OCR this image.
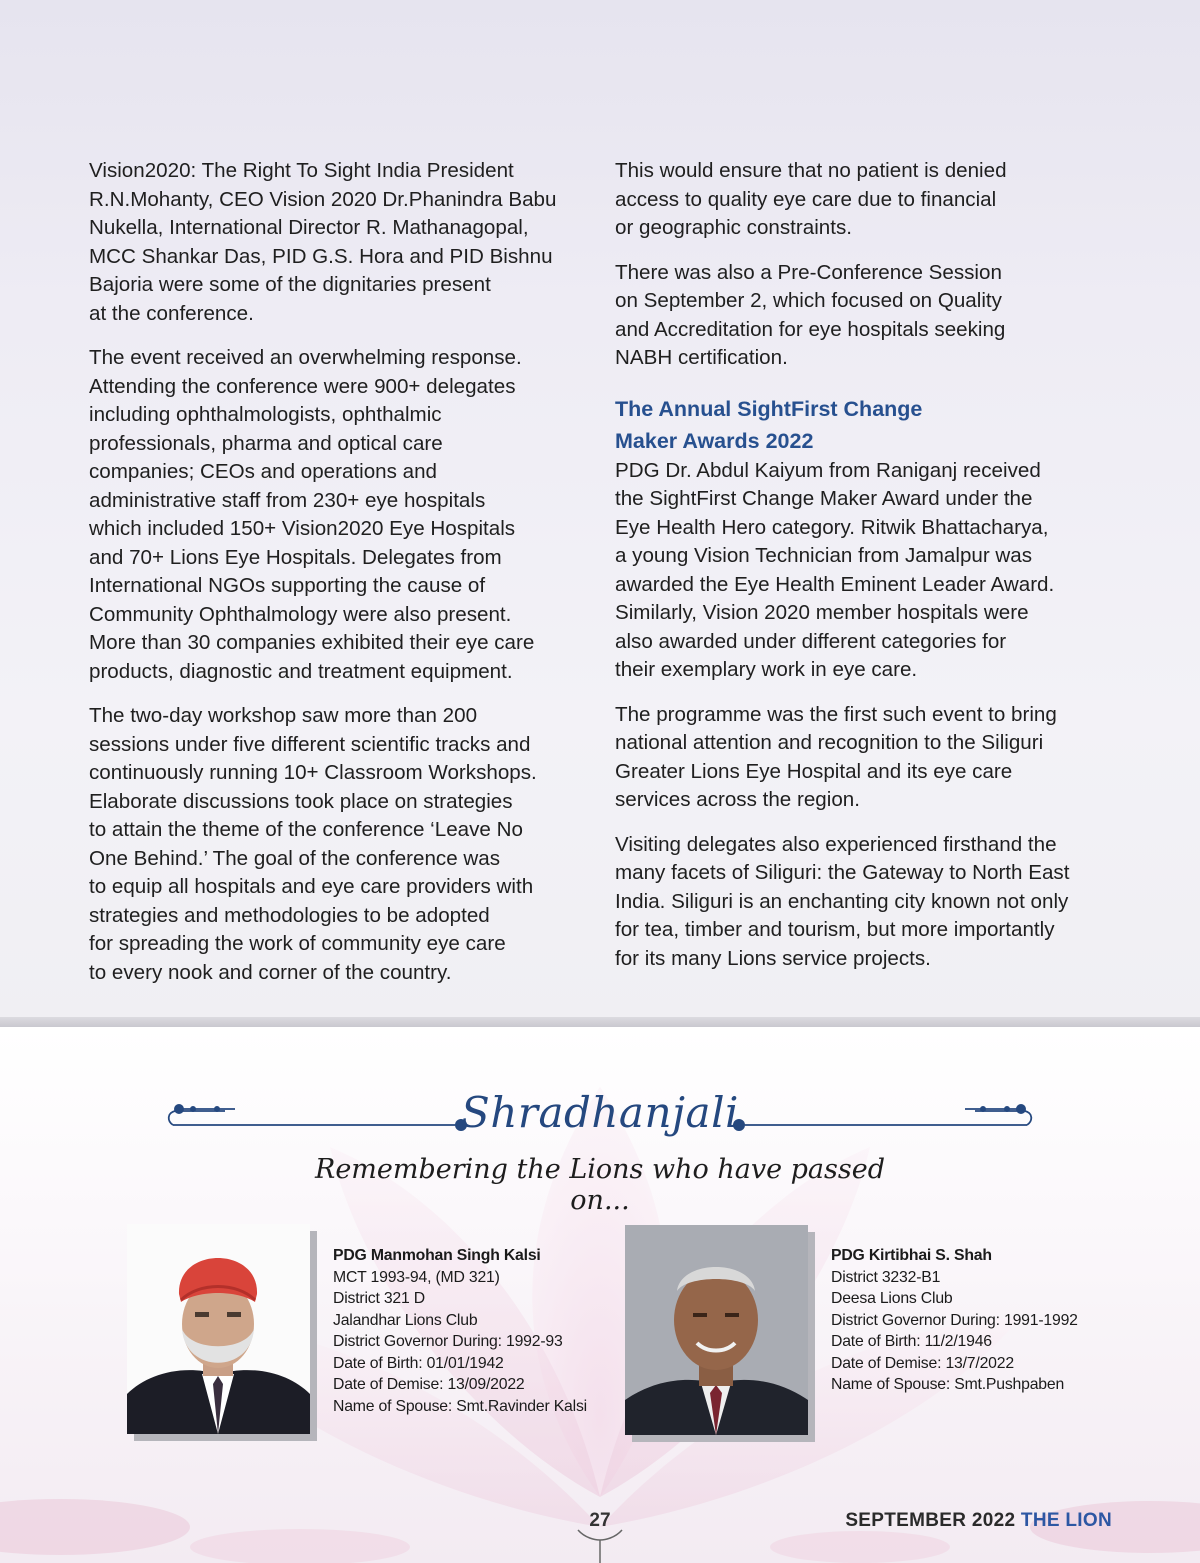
Vision2020: The Right To Sight India President
R.N.Mohanty, CEO Vision 2020 Dr.Phanindra Babu
Nukella, International Director R. Mathanagopal,
MCC Shankar Das, PID G.S. Hora and PID Bishnu
Bajoria were some of the dignitaries present
at the conference.

The event received an overwhelming response.
Attending the conference were 900+ delegates
including ophthalmologists, ophthalmic
professionals, pharma and optical care
companies; CEOs and operations and
administrative staff from 230+ eye hospitals
which included 150+ Vision2020 Eye Hospitals
and 70+ Lions Eye Hospitals. Delegates from
International NGOs supporting the cause of
Community Ophthalmology were also present.
More than 30 companies exhibited their eye care
products, diagnostic and treatment equipment.

The two-day workshop saw more than 200
sessions under five different scientific tracks and
continuously running 10+ Classroom Workshops.
Elaborate discussions took place on strategies
to attain the theme of the conference ‘Leave No
One Behind.’ The goal of the conference was
to equip all hospitals and eye care providers with
strategies and methodologies to be adopted
for spreading the work of community eye care
to every nook and corner of the country.

This would ensure that no patient is denied
access to quality eye care due to financial
or geographic constraints.

There was also a Pre-Conference Session
on September 2, which focused on Quality
and Accreditation for eye hospitals seeking
NABH certification.

The Annual SightFirst Change
Maker Awards 2022

PDG Dr. Abdul Kaiyum from Raniganj received
the SightFirst Change Maker Award under the
Eye Health Hero category. Ritwik Bhattacharya,
a young Vision Technician from Jamalpur was
awarded the Eye Health Eminent Leader Award.
Similarly, Vision 2020 member hospitals were
also awarded under different categories for
their exemplary work in eye care.

The programme was the first such event to bring
national attention and recognition to the Siliguri
Greater Lions Eye Hospital and its eye care
services across the region.

Visiting delegates also experienced firsthand the
many facets of Siliguri: the Gateway to North East
India. Siliguri is an enchanting city known not only
for tea, timber and tourism, but more importantly
for its many Lions service projects.

Shradhanjali
Remembering the Lions who have passed on...
PDG Manmohan Singh Kalsi
MCT 1993-94, (MD 321)
District 321 D
Jalandhar Lions Club
District Governor During: 1992-93
Date of Birth: 01/01/1942
Date of Demise: 13/09/2022
Name of Spouse: Smt.Ravinder Kalsi
PDG Kirtibhai S. Shah
District 3232-B1
Deesa Lions Club
District Governor During: 1991-1992
Date of Birth: 11/2/1946
Date of Demise: 13/7/2022
Name of Spouse: Smt.Pushpaben
27	SEPTEMBER 2022 THE LION
